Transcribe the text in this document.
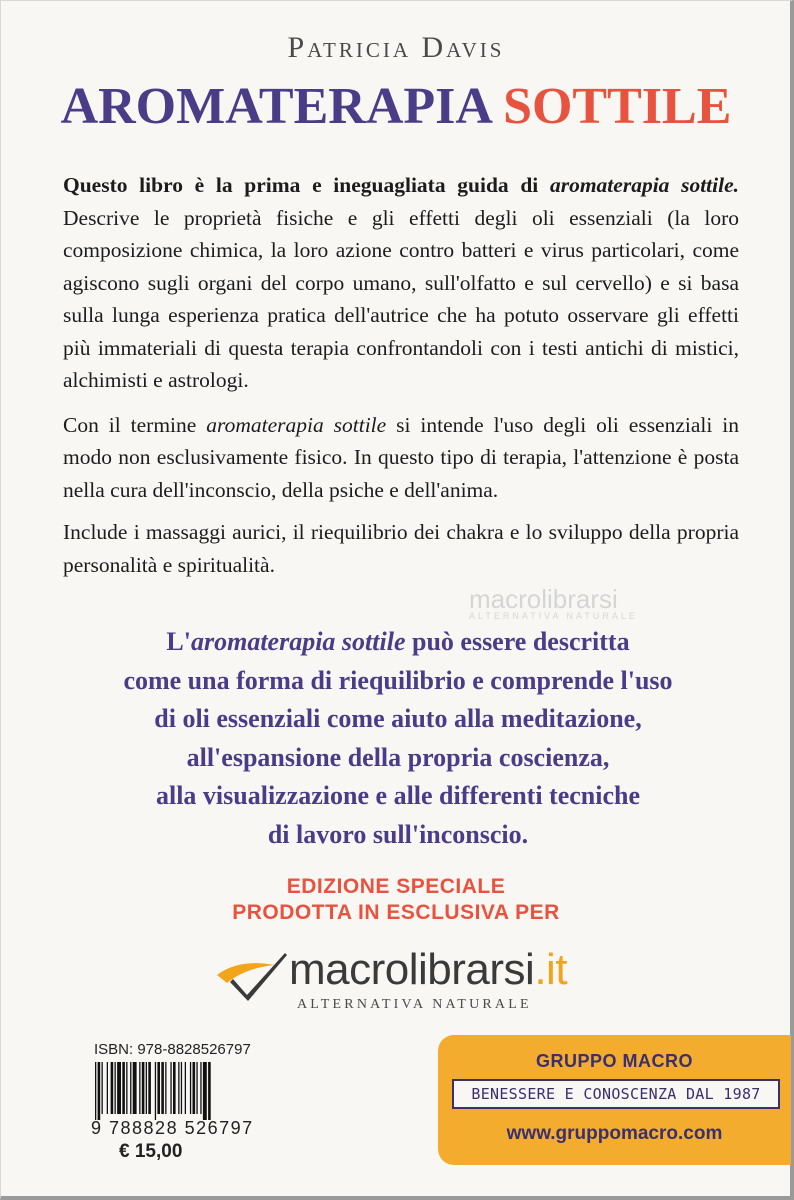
Patricia Davis
AROMATERAPIA SOTTILE

Questo libro è la prima e ineguagliata guida di aromaterapia sottile. Descrive le proprietà fisiche e gli effetti degli oli essenziali (la loro composizione chimica, la loro azione contro batteri e virus particolari, come agiscono sugli organi del corpo umano, sull'olfatto e sul cervello) e si basa sulla lunga esperienza pratica dell'autrice che ha potuto osservare gli effetti più immateriali di questa terapia confrontandoli con i testi antichi di mistici, alchimisti e astrologi.

Con il termine aromaterapia sottile si intende l'uso degli oli essenziali in modo non esclusivamente fisico. In questo tipo di terapia, l'attenzione è posta nella cura dell'inconscio, della psiche e dell'anima.

Include i massaggi aurici, il riequilibrio dei chakra e lo sviluppo della propria personalità e spiritualità.

macrolibrarsi
ALTERNATIVA NATURALE
L'aromaterapia sottile può essere descritta
come una forma di riequilibrio e comprende l'uso
di oli essenziali come aiuto alla meditazione,
all'espansione della propria coscienza,
alla visualizzazione e alle differenti tecniche
di lavoro sull'inconscio.
EDIZIONE SPECIALE
PRODOTTA IN ESCLUSIVA PER
macrolibrarsi.it
ALTERNATIVA NATURALE
ISBN: 978-8828526797
9 788828 526797
€ 15,00
GRUPPO MACRO
BENESSERE E CONOSCENZA DAL 1987
www.gruppomacro.com
